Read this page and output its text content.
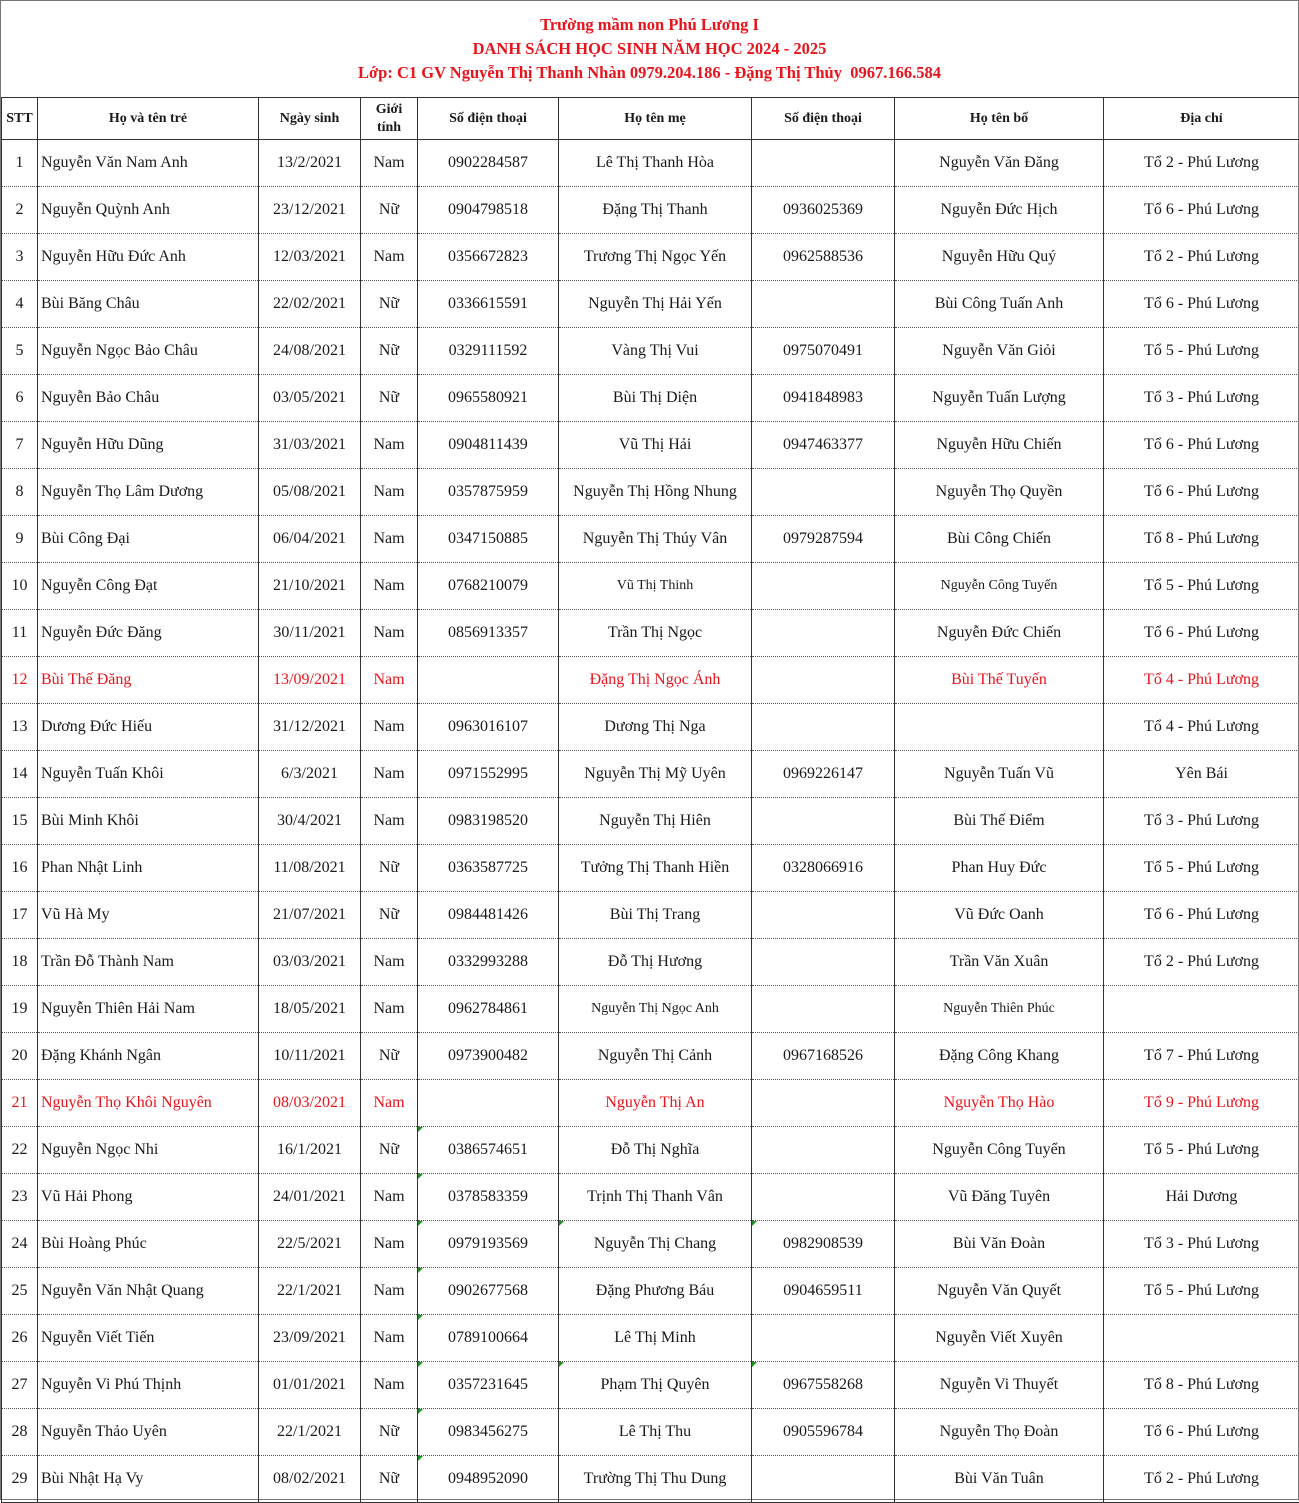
Trường mầm non Phú Lương I
DANH SÁCH HỌC SINH NĂM HỌC 2024 - 2025
Lớp: C1 GV Nguyễn Thị Thanh Nhàn 0979.204.186 - Đặng Thị Thủy  0967.166.584
STT	Họ và tên trẻ	Ngày sinh	Giới tính	Số điện thoại	Họ tên mẹ	Số điện thoại	Họ tên bố	Địa chỉ
1	Nguyễn Văn Nam Anh	13/2/2021	Nam	0902284587	Lê Thị Thanh Hòa		Nguyễn Văn Đăng	Tổ 2 - Phú Lương
2	Nguyễn Quỳnh Anh	23/12/2021	Nữ	0904798518	Đặng Thị Thanh	0936025369	Nguyễn Đức Hịch	Tổ 6 - Phú Lương
3	Nguyễn Hữu Đức Anh	12/03/2021	Nam	0356672823	Trương Thị Ngọc Yến	0962588536	Nguyễn Hữu Quý	Tổ 2 - Phú Lương
4	Bùi Băng Châu	22/02/2021	Nữ	0336615591	Nguyễn Thị Hải Yến		Bùi Công Tuấn Anh	Tổ 6 - Phú Lương
5	Nguyễn Ngọc Bảo Châu	24/08/2021	Nữ	0329111592	Vàng Thị Vui	0975070491	Nguyễn Văn Giỏi	Tổ 5 - Phú Lương
6	Nguyễn Bảo Châu	03/05/2021	Nữ	0965580921	Bùi Thị Diện	0941848983	Nguyễn Tuấn Lượng	Tổ 3 - Phú Lương
7	Nguyễn Hữu Dũng	31/03/2021	Nam	0904811439	Vũ Thị Hải	0947463377	Nguyễn Hữu Chiến	Tổ 6 - Phú Lương
8	Nguyễn Thọ Lâm Dương	05/08/2021	Nam	0357875959	Nguyễn Thị Hồng Nhung		Nguyễn Thọ Quyền	Tổ 6 - Phú Lương
9	Bùi Công Đại	06/04/2021	Nam	0347150885	Nguyễn Thị Thúy Vân	0979287594	Bùi Công Chiến	Tổ 8 - Phú Lương
10	Nguyễn Công Đạt	21/10/2021	Nam	0768210079	Vũ Thị Thinh		Nguyễn Công Tuyến	Tổ 5 - Phú Lương
11	Nguyễn Đức Đăng	30/11/2021	Nam	0856913357	Trần Thị Ngọc		Nguyễn Đức Chiến	Tổ 6 - Phú Lương
12	Bùi Thế Đăng	13/09/2021	Nam		Đặng Thị Ngọc Ánh		Bùi Thế Tuyến	Tổ 4 - Phú Lương
13	Dương Đức Hiếu	31/12/2021	Nam	0963016107	Dương Thị Nga			Tổ 4 - Phú Lương
14	Nguyễn Tuấn Khôi	6/3/2021	Nam	0971552995	Nguyễn Thị Mỹ Uyên	0969226147	Nguyễn Tuấn Vũ	Yên Bái
15	Bùi Minh Khôi	30/4/2021	Nam	0983198520	Nguyễn Thị Hiên		Bùi Thế Điểm	Tổ 3 - Phú Lương
16	Phan Nhật Linh	11/08/2021	Nữ	0363587725	Tưởng Thị Thanh Hiền	0328066916	Phan Huy Đức	Tổ 5 - Phú Lương
17	Vũ Hà My	21/07/2021	Nữ	0984481426	Bùi Thị Trang		Vũ Đức Oanh	Tổ 6 - Phú Lương
18	Trần Đỗ Thành Nam	03/03/2021	Nam	0332993288	Đỗ Thị Hương		Trần Văn Xuân	Tổ 2 - Phú Lương
19	Nguyễn Thiên Hải Nam	18/05/2021	Nam	0962784861	Nguyễn Thị Ngọc Anh		Nguyễn Thiên Phúc	
20	Đặng Khánh Ngân	10/11/2021	Nữ	0973900482	Nguyễn Thị Cảnh	0967168526	Đặng Công Khang	Tổ 7 - Phú Lương
21	Nguyễn Thọ Khôi Nguyên	08/03/2021	Nam		Nguyễn Thị An		Nguyễn Thọ Hào	Tổ 9 - Phú Lương
22	Nguyễn Ngọc Nhi	16/1/2021	Nữ	0386574651	Đỗ Thị Nghĩa		Nguyễn Công Tuyển	Tổ 5 - Phú Lương
23	Vũ Hải Phong	24/01/2021	Nam	0378583359	Trịnh Thị Thanh Vân		Vũ Đăng Tuyên	Hải Dương
24	Bùi Hoàng Phúc	22/5/2021	Nam	0979193569	Nguyễn Thị Chang	0982908539	Bùi Văn Đoàn	Tổ 3 - Phú Lương
25	Nguyễn Văn Nhật Quang	22/1/2021	Nam	0902677568	Đặng Phương Báu	0904659511	Nguyễn Văn Quyết	Tổ 5 - Phú Lương
26	Nguyễn Viết Tiến	23/09/2021	Nam	0789100664	Lê Thị Minh		Nguyễn Viết Xuyên	
27	Nguyễn Vi Phú Thịnh	01/01/2021	Nam	0357231645	Phạm Thị Quyên	0967558268	Nguyễn Vi Thuyết	Tổ 8 - Phú Lương
28	Nguyễn Thảo Uyên	22/1/2021	Nữ	0983456275	Lê Thị Thu	0905596784	Nguyễn Thọ Đoàn	Tổ 6 - Phú Lương
29	Bùi Nhật Hạ Vy	08/02/2021	Nữ	0948952090	Trường Thị Thu Dung		Bùi Văn Tuân	Tổ 2 - Phú Lương
